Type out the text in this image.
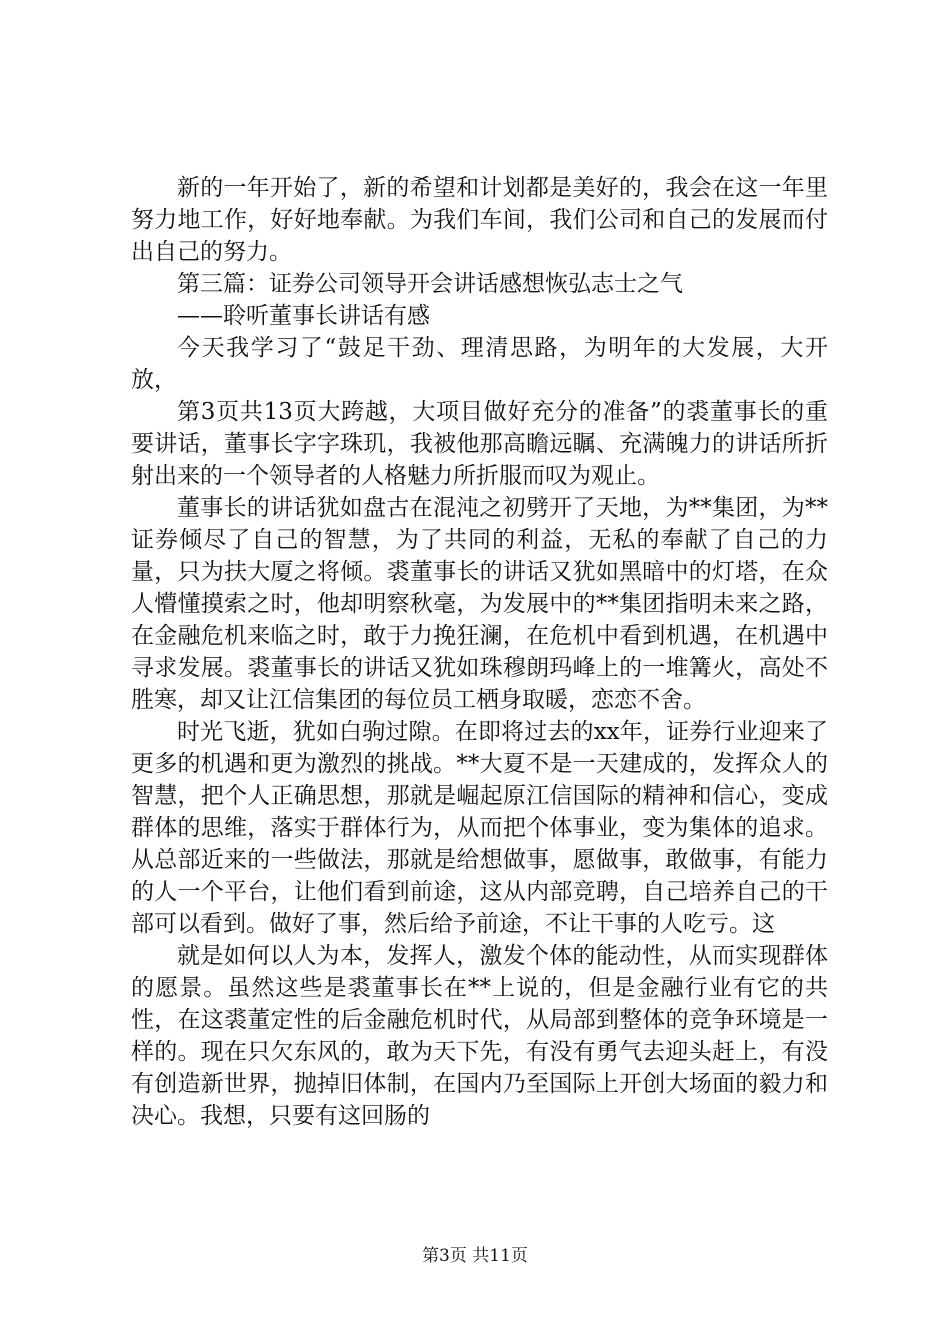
新的一年开始了，新的希望和计划都是美好的，我会在这一年里努力地工作，好好地奉献。为我们车间，我们公司和自己的发展而付出自己的努力。

第三篇：证券公司领导开会讲话感想恢弘志士之气

——聆听董事长讲话有感

今天我学习了“鼓足干劲、理清思路，为明年的大发展，大开放，

第3页共13页大跨越，大项目做好充分的准备”的裘董事长的重要讲话，董事长字字珠玑，我被他那高瞻远瞩、充满魄力的讲话所折射出来的一个领导者的人格魅力所折服而叹为观止。

董事长的讲话犹如盘古在混沌之初劈开了天地，为**集团，为**证券倾尽了自己的智慧，为了共同的利益，无私的奉献了自己的力量，只为扶大厦之将倾。裘董事长的讲话又犹如黑暗中的灯塔，在众人懵懂摸索之时，他却明察秋毫，为发展中的**集团指明未来之路，在金融危机来临之时，敢于力挽狂澜，在危机中看到机遇，在机遇中寻求发展。裘董事长的讲话又犹如珠穆朗玛峰上的一堆篝火，高处不胜寒，却又让江信集团的每位员工栖身取暖，恋恋不舍。

时光飞逝，犹如白驹过隙。在即将过去的xx年，证券行业迎来了更多的机遇和更为激烈的挑战。**大夏不是一天建成的，发挥众人的智慧，把个人正确思想，那就是崛起原江信国际的精神和信心，变成群体的思维，落实于群体行为，从而把个体事业，变为集体的追求。从总部近来的一些做法，那就是给想做事，愿做事，敢做事，有能力的人一个平台，让他们看到前途，这从内部竞聘，自己培养自己的干部可以看到。做好了事，然后给予前途，不让干事的人吃亏。这

就是如何以人为本，发挥人，激发个体的能动性，从而实现群体的愿景。虽然这些是裘董事长在**上说的，但是金融行业有它的共性，在这裘董定性的后金融危机时代，从局部到整体的竞争环境是一样的。现在只欠东风的，敢为天下先，有没有勇气去迎头赶上，有没有创造新世界，抛掉旧体制，在国内乃至国际上开创大场面的毅力和决心。我想，只要有这回肠的

第3页 共11页
